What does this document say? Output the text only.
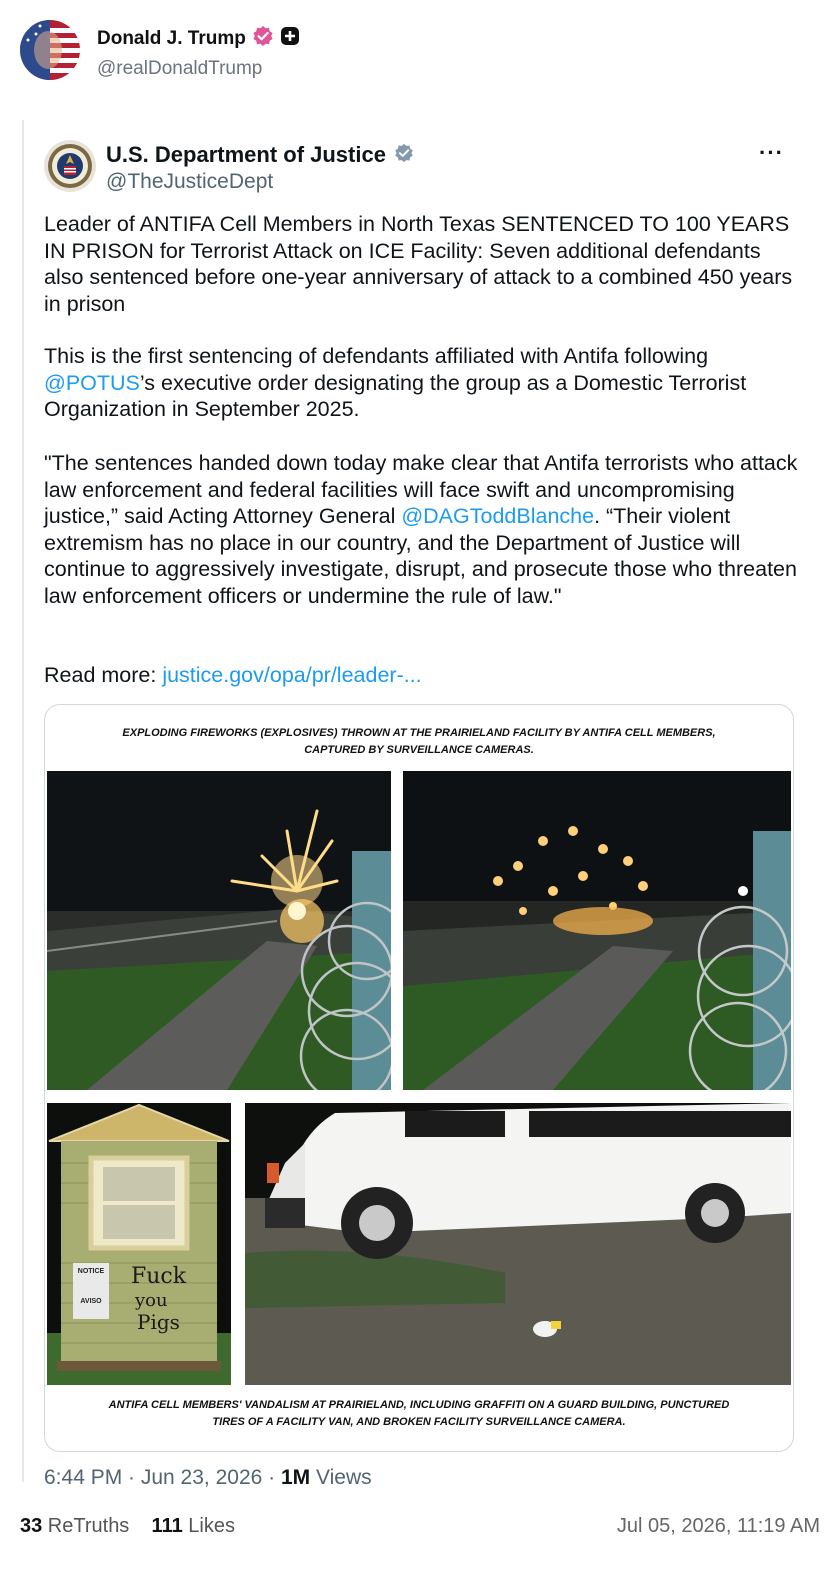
Donald J. Trump
@realDonaldTrump
U.S. Department of Justice
@TheJusticeDept
···
Leader of ANTIFA Cell Members in North Texas SENTENCED TO 100 YEARS IN PRISON for Terrorist Attack on ICE Facility: Seven additional defendants also sentenced before one-year anniversary of attack to a combined 450 years in prison
This is the first sentencing of defendants affiliated with Antifa following @POTUS’s executive order designating the group as a Domestic Terrorist Organization in September 2025.
"The sentences handed down today make clear that Antifa terrorists who attack law enforcement and federal facilities will face swift and uncompromising justice,” said Acting Attorney General @DAGToddBlanche. “Their violent extremism has no place in our country, and the Department of Justice will continue to aggressively investigate, disrupt, and prosecute those who threaten law enforcement officers or undermine the rule of law."
Read more: justice.gov/opa/pr/leader-...
EXPLODING FIREWORKS (EXPLOSIVES) THROWN AT THE PRAIRIELAND FACILITY BY ANTIFA CELL MEMBERS,
CAPTURED BY SURVEILLANCE CAMERAS.
NOTICE
AVISO
Fuck
you
Pigs
ANTIFA CELL MEMBERS' VANDALISM AT PRAIRIELAND, INCLUDING GRAFFITI ON A GUARD BUILDING, PUNCTURED
TIRES OF A FACILITY VAN, AND BROKEN FACILITY SURVEILLANCE CAMERA.
6:44 PM · Jun 23, 2026 · 1M Views
33 ReTruths 111 Likes	Jul 05, 2026, 11:19 AM
